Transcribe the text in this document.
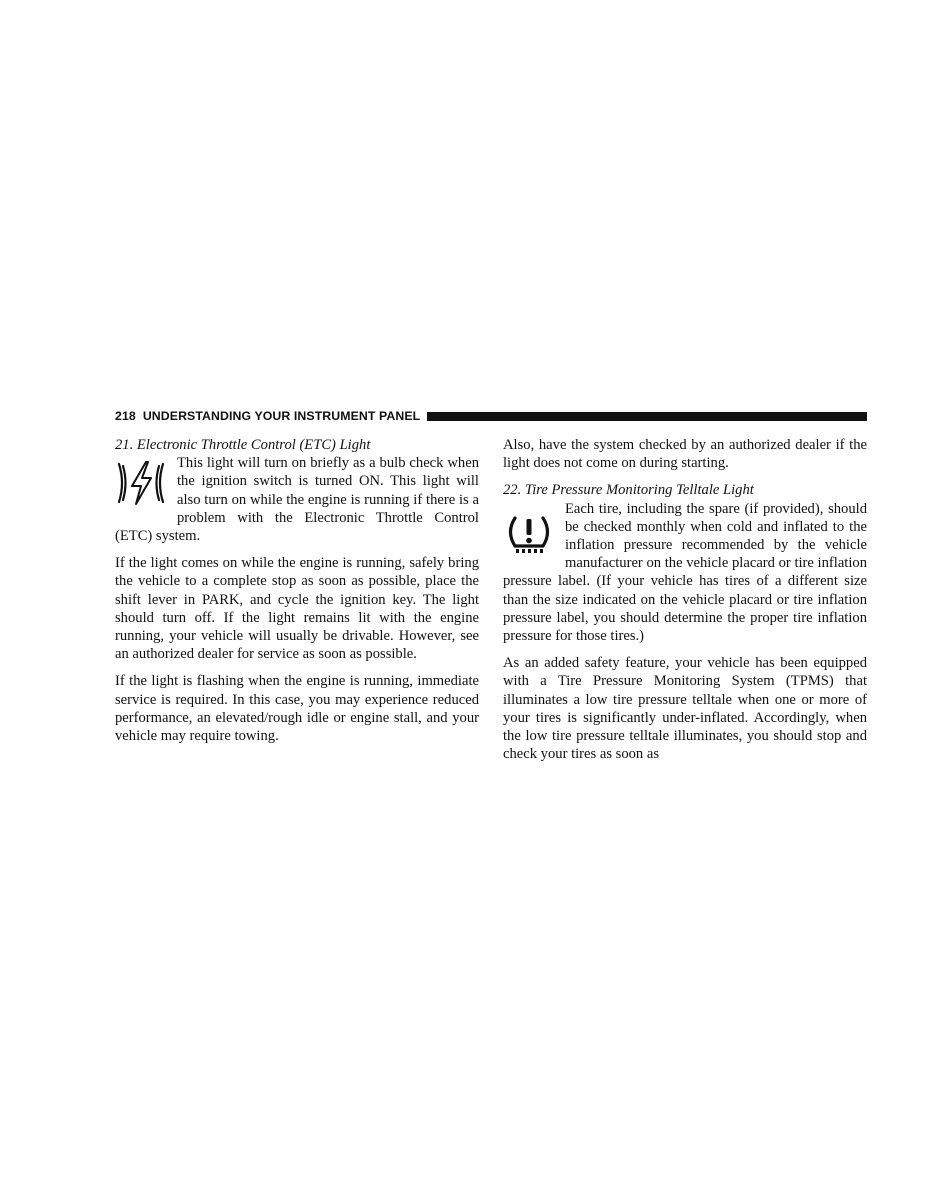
218 UNDERSTANDING YOUR INSTRUMENT PANEL
21. Electronic Throttle Control (ETC) Light

This light will turn on briefly as a bulb check when the ignition switch is turned ON. This light will also turn on while the engine is running if there is a problem with the Electronic Throttle Control (ETC) system.

If the light comes on while the engine is running, safely bring the vehicle to a complete stop as soon as possible, place the shift lever in PARK, and cycle the ignition key. The light should turn off. If the light remains lit with the engine running, your vehicle will usually be drivable. However, see an authorized dealer for service as soon as possible.

If the light is flashing when the engine is running, immediate service is required. In this case, you may experience reduced performance, an elevated/rough idle or engine stall, and your vehicle may require towing.

Also, have the system checked by an authorized dealer if the light does not come on during starting.

22. Tire Pressure Monitoring Telltale Light

Each tire, including the spare (if provided), should be checked monthly when cold and inflated to the inflation pressure recommended by the vehicle manufacturer on the vehicle placard or tire inflation pressure label. (If your vehicle has tires of a different size than the size indicated on the vehicle placard or tire inflation pressure label, you should determine the proper tire inflation pressure for those tires.)

As an added safety feature, your vehicle has been equipped with a Tire Pressure Monitoring System (TPMS) that illuminates a low tire pressure telltale when one or more of your tires is significantly under-inflated. Accordingly, when the low tire pressure telltale illuminates, you should stop and check your tires as soon as
